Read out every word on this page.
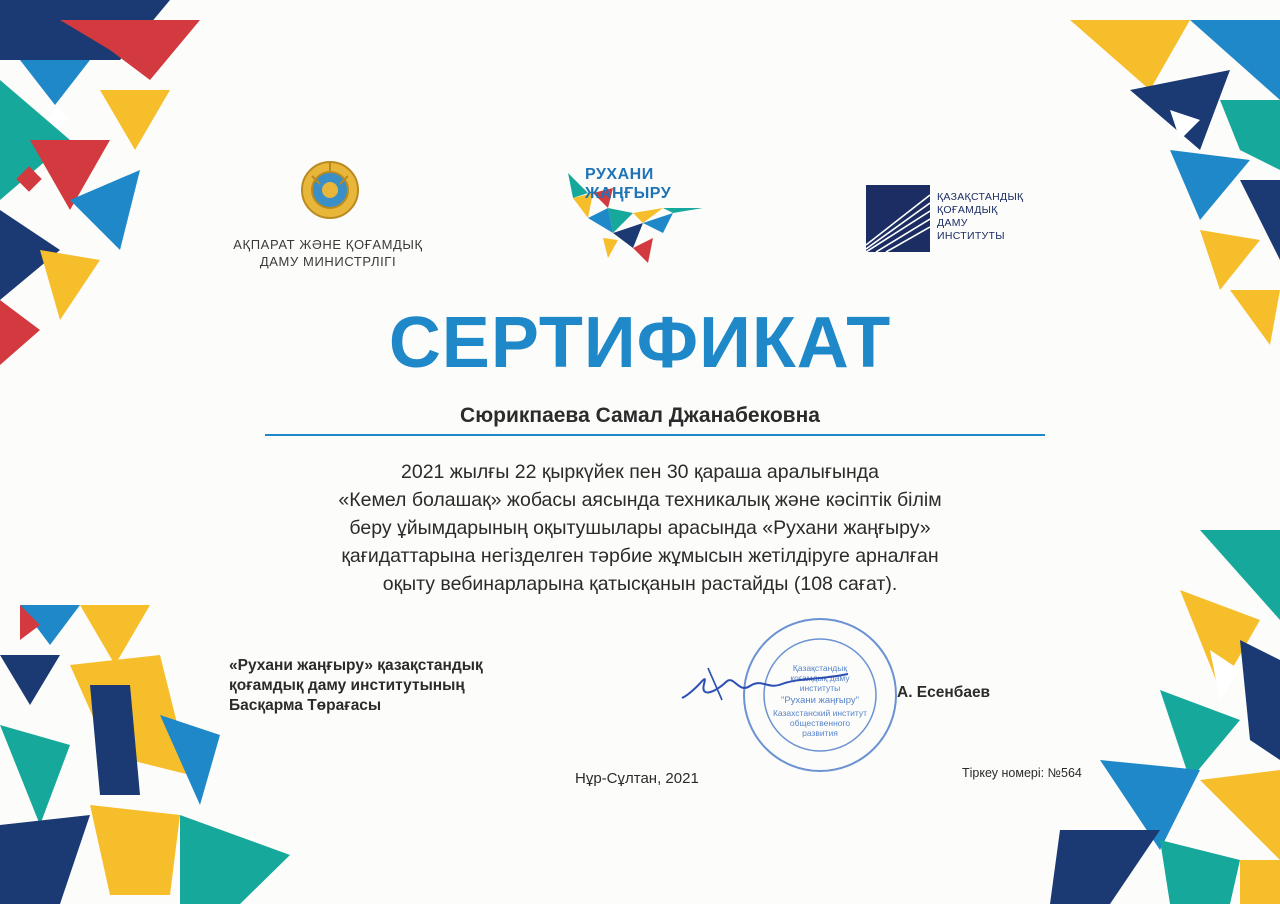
АҚПАРАТ ЖӘНЕ ҚОҒАМДЫҚ
ДАМУ МИНИСТРЛІГІ
РУХАНИ
ЖАҢҒЫРУ	ҚАЗАҚСТАНДЫҚ
ҚОҒАМДЫҚ
ДАМУ
ИНСТИТУТЫ
СЕРТИФИКАТ
Сюрикпаева Самал Джанабековна
2021 жылғы 22 қыркүйек пен 30 қараша аралығында
«Кемел болашақ» жобасы аясында техникалық және кәсіптік білім
беру ұйымдарының оқытушылары арасында «Рухани жаңғыру»
қағидаттарына негізделген тәрбие жұмысын жетілдіруге арналған
оқыту вебинарларына қатысқанын растайды (108 сағат).
«Рухани жаңғыру» қазақстандық
қоғамдық даму институтының
Басқарма Төрағасы
Қазақстандық
қоғамдық даму
институты
"Рухани жаңғыру"
Казахстанский институт
общественного
развития
А. Есенбаев
Нұр-Сұлтан, 2021	Тіркеу номері: №564
